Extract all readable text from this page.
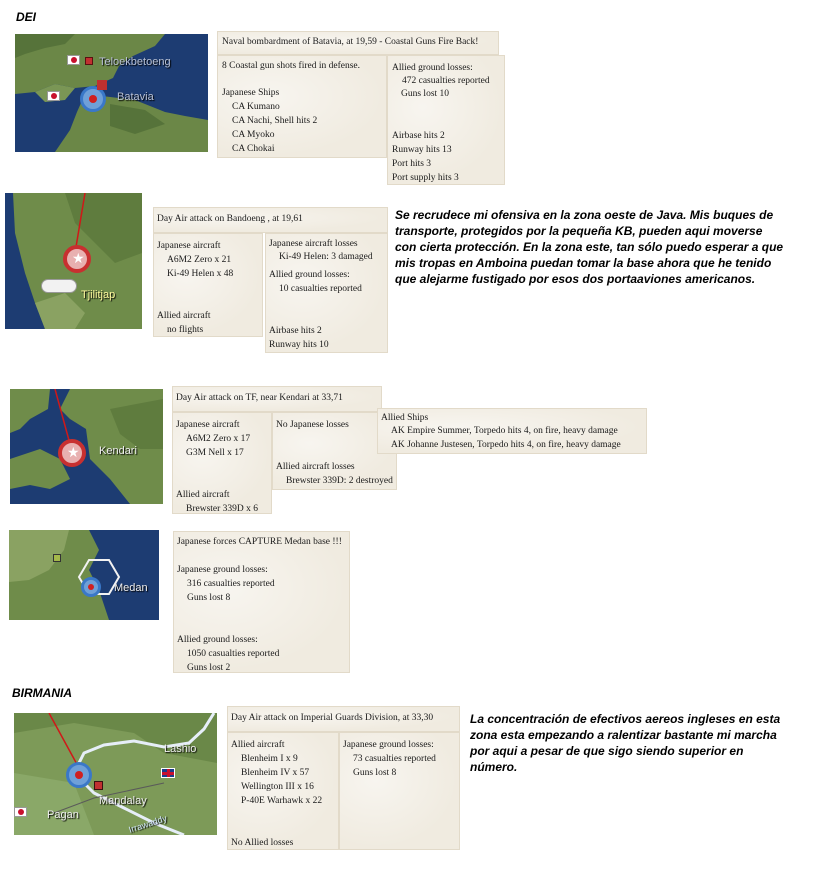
DEI
BIRMANIA
Teloekbetoeng
Batavia
Naval bombardment of Batavia, at 19,59 - Coastal Guns Fire Back!
8 Coastal gun shots fired in defense.
Japanese Ships
CA Kumano
CA Nachi, Shell hits 2
CA Myoko
CA Chokai
Allied ground losses:
472 casualties reported
Guns lost 10
Airbase hits 2
Runway hits 13
Port hits 3
Port supply hits 3
★
Tjilitjap
Day Air attack on Bandoeng , at 19,61
Japanese aircraft
A6M2 Zero x 21
Ki-49 Helen x 48
Allied aircraft
no flights
Japanese aircraft losses
Ki-49 Helen: 3 damaged
Allied ground losses:
10 casualties reported
Airbase hits 2
Runway hits 10
Se recrudece mi ofensiva en la zona oeste de Java. Mis buques de transporte, protegidos por la pequeña KB, pueden aqui moverse con cierta protección. En la zona este, tan sólo puedo esperar a que mis tropas en Amboina puedan tomar la base ahora que he tenido que alejarme fustigado por esos dos portaaviones americanos.
★ Kendari
Day Air attack on TF, near Kendari at 33,71
Japanese aircraft
A6M2 Zero x 17
G3M Nell x 17
Allied aircraft
Brewster 339D x 6
No Japanese losses
Allied aircraft losses
Brewster 339D: 2 destroyed
Allied Ships
AK Empire Summer, Torpedo hits 4, on fire, heavy damage
AK Johanne Justesen, Torpedo hits 4, on fire, heavy damage
Medan
Japanese forces CAPTURE Medan base !!!
Japanese ground losses:
316 casualties reported
Guns lost 8
Allied ground losses:
1050 casualties reported
Guns lost 2
Lashio
Mandalay
Pagan	Irrawaddy
Day Air attack on Imperial Guards Division, at 33,30
Allied aircraft
Blenheim I x 9
Blenheim IV x 57
Wellington III x 16
P-40E Warhawk x 22
No Allied losses
Japanese ground losses:
73 casualties reported
Guns lost 8
La concentración de efectivos aereos ingleses en esta zona esta empezando a ralentizar bastante mi marcha por aqui a pesar de que sigo siendo superior en número.
